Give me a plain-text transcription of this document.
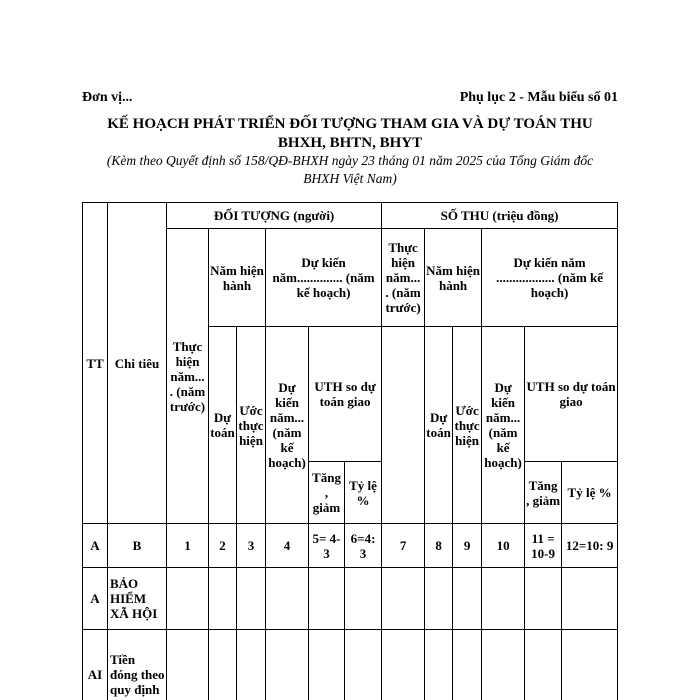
Đơn vị...	Phụ lục 2 - Mẫu biểu số 01
KẾ HOẠCH PHÁT TRIỂN ĐỐI TƯỢNG THAM GIA VÀ DỰ TOÁN THU
BHXH, BHTN, BHYT
(Kèm theo Quyết định số 158/QĐ-BHXH ngày 23 tháng 01 năm 2025 của Tổng Giám đốc BHXH Việt Nam)
TT	Chi tiêu	ĐỐI TƯỢNG (người)						SỐ THU (triệu đồng)					
		Thực hiện năm... . (năm trước)	Năm hiện hành		Dự kiến năm.............. (năm kế hoạch)			Thực hiện năm... . (năm trước)	Năm hiện hành		Dự kiến năm .................. (năm kế hoạch)		
			Dự toán	Ước thực hiện	Dự kiến năm... (năm kế hoạch)	UTH so dự toán giao			Dự toán	Ước thực hiện	Dự kiến năm... (năm kế hoạch)	UTH so dự toán giao	
						Tăng , giảm	Tỷ lệ %					Tăng , giảm	Tỷ lệ %
A	B	1	2	3	4	5= 4-3	6=4: 3	7	8	9	10	11 = 10-9	12=10: 9
A	BẢO HIỂM XÃ HỘI												
AI	Tiền đóng theo quy định												
